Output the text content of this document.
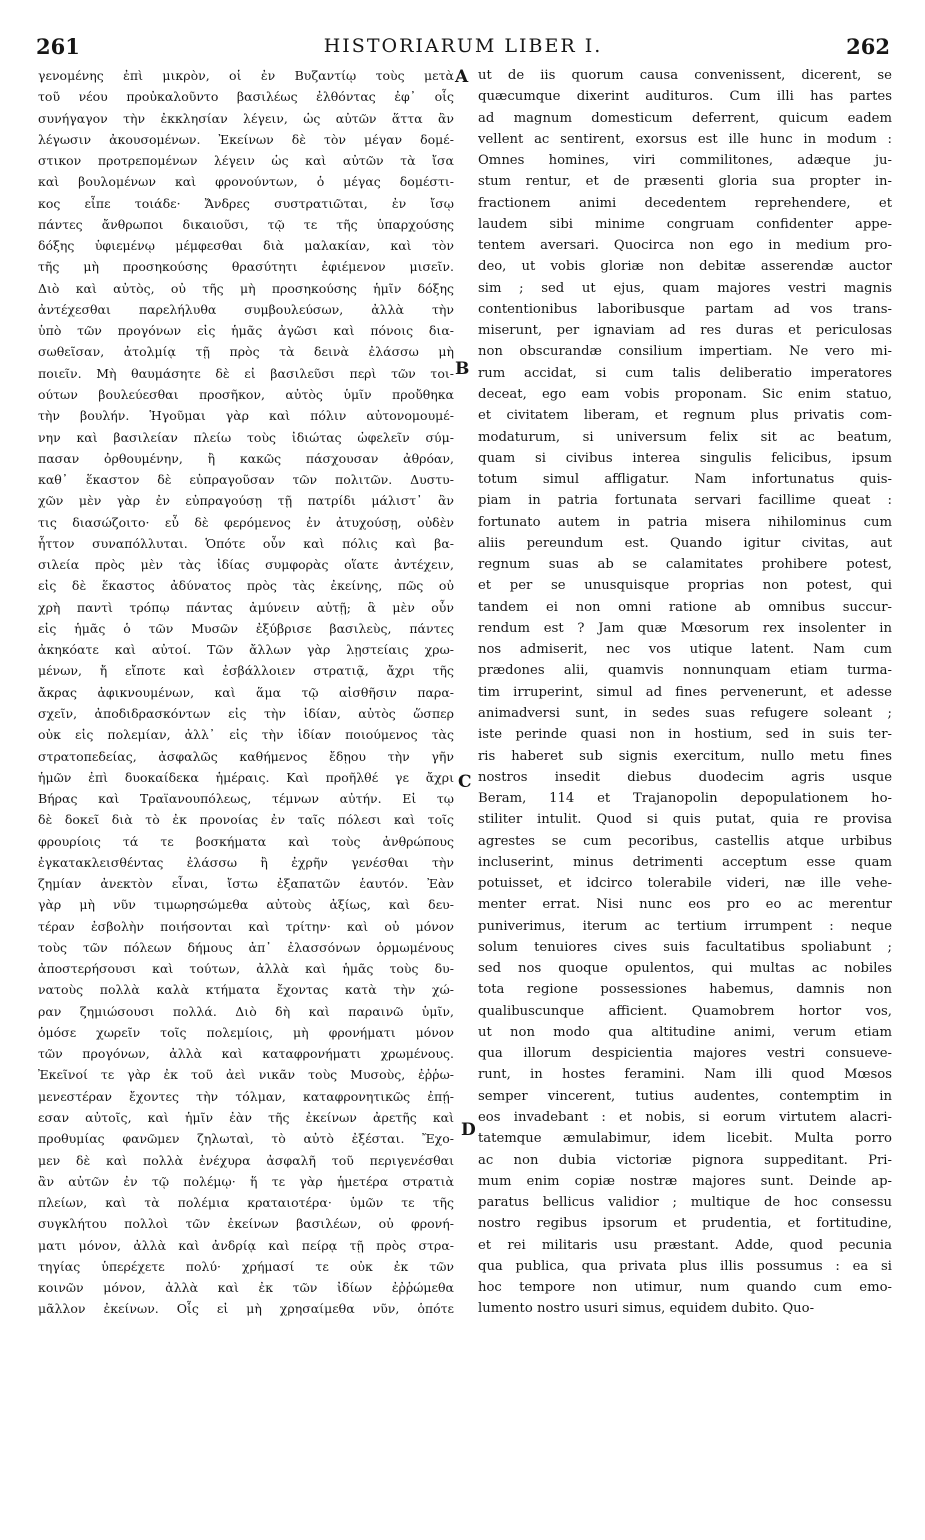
261	HISTORIARUM LIBER I.	262
γενομένης ἐπὶ μικρὸν, οἱ ἐν Βυζαντίῳ τοὺς μετὰ
τοῦ νέου προὐκαλοῦντο βασιλέως ἐλθόντας ἐφ᾽ οἷς
συνήγαγον τὴν ἐκκλησίαν λέγειν, ὡς αὐτῶν ἅττα ἂν
λέγωσιν ἀκουσομένων. Ἐκείνων δὲ τὸν μέγαν δομέ-
στικον προτρεπομένων λέγειν ὡς καὶ αὐτῶν τὰ ἴσα
καὶ βουλομένων καὶ φρονούντων, ὁ μέγας δομέστι-
κος εἶπε τοιάδε· Ἄνδρες συστρατιῶται, ἐν ἴσῳ
πάντες ἄνθρωποι δικαιοῦσι, τῷ τε τῆς ὑπαρχούσης
δόξης ὑφιεμένῳ μέμφεσθαι διὰ μαλακίαν, καὶ τὸν
τῆς μὴ προσηκούσης θρασύτητι ἐφιέμενον μισεῖν.
Διὸ καὶ αὐτὸς, οὐ τῆς μὴ προσηκούσης ἡμῖν δόξης
ἀντέχεσθαι παρελήλυθα συμβουλεύσων, ἀλλὰ τὴν
ὑπὸ τῶν προγόνων εἰς ἡμᾶς ἀγῶσι καὶ πόνοις δια-
σωθεῖσαν, ἀτολμίᾳ τῇ πρὸς τὰ δεινὰ ἐλάσσω μὴ
ποιεῖν. Μὴ θαυμάσητε δὲ εἰ βασιλεῦσι περὶ τῶν τοι-
ούτων βουλεύεσθαι προσῆκον, αὐτὸς ὑμῖν προὔθηκα
τὴν βουλήν. Ἡγοῦμαι γὰρ καὶ πόλιν αὐτονομουμέ-
νην καὶ βασιλείαν πλείω τοὺς ἰδιώτας ὠφελεῖν σύμ-
πασαν ὀρθουμένην, ἢ κακῶς πάσχουσαν ἀθρόαν,
καθ᾽ ἕκαστον δὲ εὐπραγοῦσαν τῶν πολιτῶν. Δυστυ-
χῶν μὲν γὰρ ἐν εὐπραγούσῃ τῇ πατρίδι μάλιστ᾽ ἂν
τις διασώζοιτο· εὖ δὲ φερόμενος ἐν ἀτυχούσῃ, οὐδὲν
ἧττον συναπόλλυται. Ὁπότε οὖν καὶ πόλις καὶ βα-
σιλεία πρὸς μὲν τὰς ἰδίας συμφορὰς οἵατε ἀντέχειν,
εἰς δὲ ἕκαστος ἀδύνατος πρὸς τὰς ἐκείνης, πῶς οὐ
χρὴ παντὶ τρόπῳ πάντας ἀμύνειν αὐτῇ; ἃ μὲν οὖν
εἰς ἡμᾶς ὁ τῶν Μυσῶν ἐξύβρισε βασιλεὺς, πάντες
ἀκηκόατε καὶ αὐτοί. Τῶν ἄλλων γὰρ λῃστείαις χρω-
μένων, ἤ εἴποτε καὶ ἐσβάλλοιεν στρατιᾷ, ἄχρι τῆς
ἄκρας ἀφικνουμένων, καὶ ἅμα τῷ αἰσθῆσιν παρα-
σχεῖν, ἀποδιδρασκόντων εἰς τὴν ἰδίαν, αὐτὸς ὥσπερ
οὐκ εἰς πολεμίαν, ἀλλ᾽ εἰς τὴν ἰδίαν ποιούμενος τὰς
στρατοπεδείας, ἀσφαλῶς καθήμενος ἔδῃου τὴν γῆν
ἡμῶν ἐπὶ δυοκαίδεκα ἡμέραις. Καὶ προῆλθέ γε ἄχρι
Βήρας καὶ Τραϊανουπόλεως, τέμνων αὐτήν. Εἰ τῳ
δὲ δοκεῖ διὰ τὸ ἐκ προνοίας ἐν ταῖς πόλεσι καὶ τοῖς
φρουρίοις τά τε βοσκήματα καὶ τοὺς ἀνθρώπους
ἐγκατακλεισθέντας ἐλάσσω ἢ ἐχρῆν γενέσθαι τὴν
ζημίαν ἀνεκτὸν εἶναι, ἴστω ἐξαπατῶν ἑαυτόν. Ἐὰν
γὰρ μὴ νῦν τιμωρησώμεθα αὐτοὺς ἀξίως, καὶ δευ-
τέραν ἐσβολὴν ποιήσονται καὶ τρίτην· καὶ οὐ μόνον
τοὺς τῶν πόλεων δήμους ἀπ᾽ ἐλασσόνων ὁρμωμένους
ἀποστερήσουσι καὶ τούτων, ἀλλὰ καὶ ἡμᾶς τοὺς δυ-
νατοὺς πολλὰ καλὰ κτήματα ἔχοντας κατὰ τὴν χώ-
ραν ζημιώσουσι πολλά. Διὸ δὴ καὶ παραινῶ ὑμῖν,
ὁμόσε χωρεῖν τοῖς πολεμίοις, μὴ φρονήματι μόνον
τῶν προγόνων, ἀλλὰ καὶ καταφρονήματι χρωμένους.
Ἐκεῖνοί τε γὰρ ἐκ τοῦ ἀεὶ νικᾶν τοὺς Μυσοὺς, ἐῤῥω-
μενεστέραν ἔχοντες τὴν τόλμαν, καταφρονητικῶς ἐπῄ-
εσαν αὐτοῖς, καὶ ἡμῖν ἐὰν τῆς ἐκείνων ἀρετῆς καὶ
προθυμίας φανῶμεν ζηλωταὶ, τὸ αὐτὸ ἐξέσται. Ἔχο-
μεν δὲ καὶ πολλὰ ἐνέχυρα ἀσφαλῆ τοῦ περιγενέσθαι
ἂν αὐτῶν ἐν τῷ πολέμῳ· ἥ τε γὰρ ἡμετέρα στρατιὰ
πλείων, καὶ τὰ πολέμια κραταιοτέρα· ὑμῶν τε τῆς
συγκλήτου πολλοὶ τῶν ἐκείνων βασιλέων, οὐ φρονή-
ματι μόνον, ἀλλὰ καὶ ἀνδρίᾳ καὶ πείρᾳ τῇ πρὸς στρα-
τηγίας ὑπερέχετε πολύ· χρήμασί τε οὐκ ἐκ τῶν
κοινῶν μόνον, ἀλλὰ καὶ ἐκ τῶν ἰδίων ἐῤῥώμεθα
μᾶλλον ἐκείνων. Οἷς εἰ μὴ χρησαίμεθα νῦν, ὁπότε
ut de iis quorum causa convenissent, dicerent, se
quæcumque dixerint audituros. Cum illi has partes
ad magnum domesticum deferrent, quicum eadem
vellent ac sentirent, exorsus est ille hunc in modum :
Omnes homines, viri commilitones, adæque ju-
stum rentur, et de præsenti gloria sua propter in-
fractionem animi decedentem reprehendere, et
laudem sibi minime congruam confidenter appe-
tentem aversari. Quocirca non ego in medium pro-
deo, ut vobis gloriæ non debitæ asserendæ auctor
sim ; sed ut ejus, quam majores vestri magnis
contentionibus laboribusque partam ad vos trans-
miserunt, per ignaviam ad res duras et periculosas
non obscurandæ consilium impertiam. Ne vero mi-
rum accidat, si cum talis deliberatio imperatores
deceat, ego eam vobis proponam. Sic enim statuo,
et civitatem liberam, et regnum plus privatis com-
modaturum, si universum felix sit ac beatum,
quam si civibus interea singulis felicibus, ipsum
totum simul affligatur. Nam infortunatus quis-
piam in patria fortunata servari facillime queat :
fortunato autem in patria misera nihilominus cum
aliis pereundum est. Quando igitur civitas, aut
regnum suas ab se calamitates prohibere potest,
et per se unusquisque proprias non potest, qui
tandem ei non omni ratione ab omnibus succur-
rendum est ? Jam quæ Mœsorum rex insolenter in
nos admiserit, nec vos utique latent. Nam cum
prædones alii, quamvis nonnunquam etiam turma-
tim irruperint, simul ad fines pervenerunt, et adesse
animadversi sunt, in sedes suas refugere soleant ;
iste perinde quasi non in hostium, sed in suis ter-
ris haberet sub signis exercitum, nullo metu fines
nostros insedit diebus duodecim agris usque
Beram, 114 et Trajanopolin depopulationem ho-
stiliter intulit. Quod si quis putat, quia re provisa
agrestes se cum pecoribus, castellis atque urbibus
incluserint, minus detrimenti acceptum esse quam
potuisset, et idcirco tolerabile videri, næ ille vehe-
menter errat. Nisi nunc eos pro eo ac merentur
puniverimus, iterum ac tertium irrumpent : neque
solum tenuiores cives suis facultatibus spoliabunt ;
sed nos quoque opulentos, qui multas ac nobiles
tota regione possessiones habemus, damnis non
qualibuscunque afficient. Quamobrem hortor vos,
ut non modo qua altitudine animi, verum etiam
qua illorum despicientia majores vestri consueve-
runt, in hostes feramini. Nam illi quod Mœsos
semper vincerent, tutius audentes, contemptim in
eos invadebant : et nobis, si eorum virtutem alacri-
tatemque æmulabimur, idem licebit. Multa porro
ac non dubia victoriæ pignora suppeditant. Pri-
mum enim copiæ nostræ majores sunt. Deinde ap-
paratus bellicus validior ; multique de hoc consessu
nostro regibus ipsorum et prudentia, et fortitudine,
et rei militaris usu præstant. Adde, quod pecunia
qua publica, qua privata plus illis possumus : ea si
hoc tempore non utimur, num quando cum emo-
lumento nostro usuri simus, equidem dubito. Quo-
A
B
C
D
